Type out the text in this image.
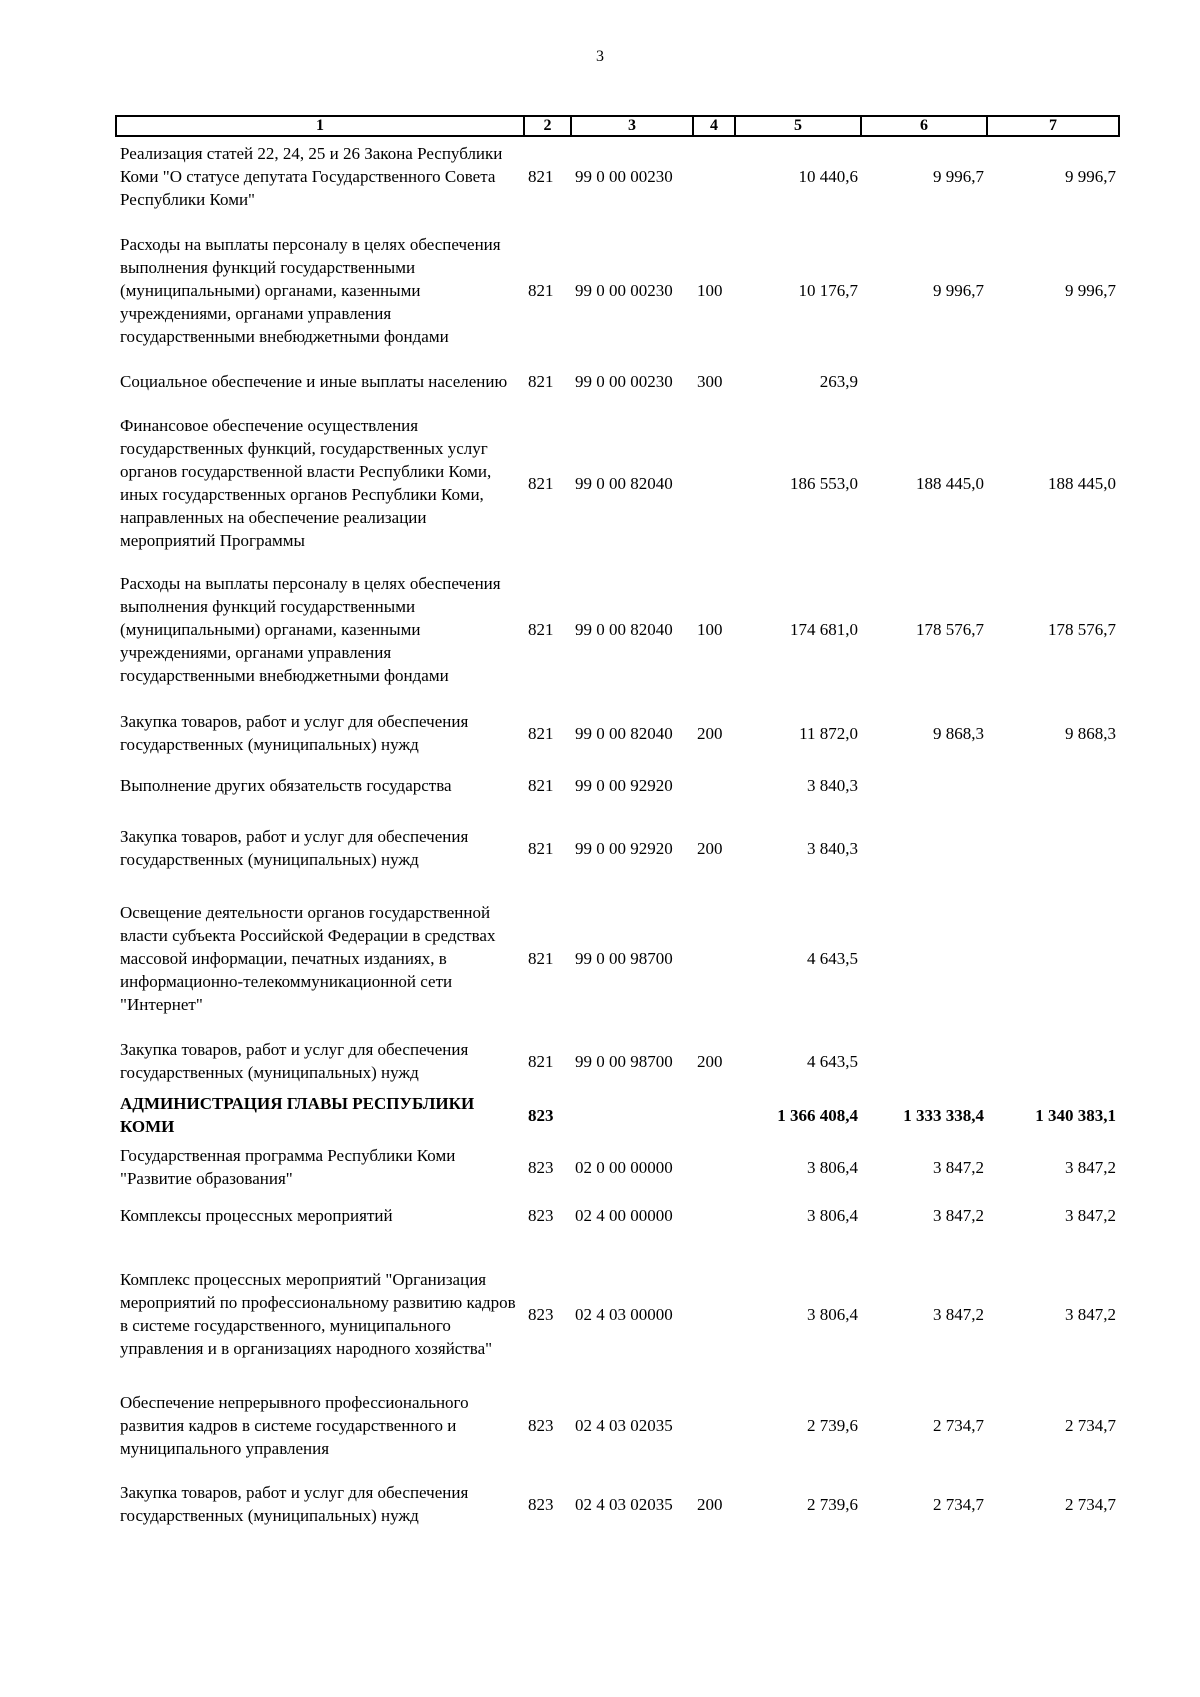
3
1	2	3	4	5	6	7
Реализация статей 22, 24, 25 и 26 Закона Республики Коми "О статусе депутата Государственного Совета Республики Коми"	821	99 0 00 00230		10 440,6	9 996,7	9 996,7

Расходы на выплаты персоналу в целях обеспечения выполнения функций государственными (муниципальными) органами, казенными учреждениями, органами управления государственными внебюджетными фондами	821	99 0 00 00230	100	10 176,7	9 996,7	9 996,7
Социальное обеспечение и иные выплаты населению	821	99 0 00 00230	300	263,9		
Финансовое обеспечение осуществления государственных функций, государственных услуг органов государственной власти Республики Коми, иных государственных органов Республики Коми, направленных на обеспечение реализации мероприятий Программы	821	99 0 00 82040		186 553,0	188 445,0	188 445,0

Расходы на выплаты персоналу в целях обеспечения выполнения функций государственными (муниципальными) органами, казенными учреждениями, органами управления государственными внебюджетными фондами	821	99 0 00 82040	100	174 681,0	178 576,7	178 576,7

Закупка товаров, работ и услуг для обеспечения государственных (муниципальных) нужд	821	99 0 00 82040	200	11 872,0	9 868,3	9 868,3
Выполнение других обязательств государства	821	99 0 00 92920		3 840,3		

Закупка товаров, работ и услуг для обеспечения государственных (муниципальных) нужд	821	99 0 00 92920	200	3 840,3		

Освещение деятельности органов государственной власти субъекта Российской Федерации в средствах массовой информации, печатных изданиях, в информационно-телекоммуникационной сети "Интернет"	821	99 0 00 98700		4 643,5		

Закупка товаров, работ и услуг для обеспечения государственных (муниципальных) нужд	821	99 0 00 98700	200	4 643,5		
АДМИНИСТРАЦИЯ ГЛАВЫ РЕСПУБЛИКИ КОМИ	823			1 366 408,4	1 333 338,4	1 340 383,1
Государственная программа Республики Коми "Развитие образования"	823	02 0 00 00000		3 806,4	3 847,2	3 847,2
Комплексы процессных мероприятий	823	02 4 00 00000		3 806,4	3 847,2	3 847,2

Комплекс процессных мероприятий "Организация мероприятий по профессиональному развитию кадров в системе государственного, муниципального управления и в организациях народного хозяйства"	823	02 4 03 00000		3 806,4	3 847,2	3 847,2

Обеспечение непрерывного профессионального развития кадров в системе государственного и муниципального управления	823	02 4 03 02035		2 739,6	2 734,7	2 734,7

Закупка товаров, работ и услуг для обеспечения государственных (муниципальных) нужд	823	02 4 03 02035	200	2 739,6	2 734,7	2 734,7
